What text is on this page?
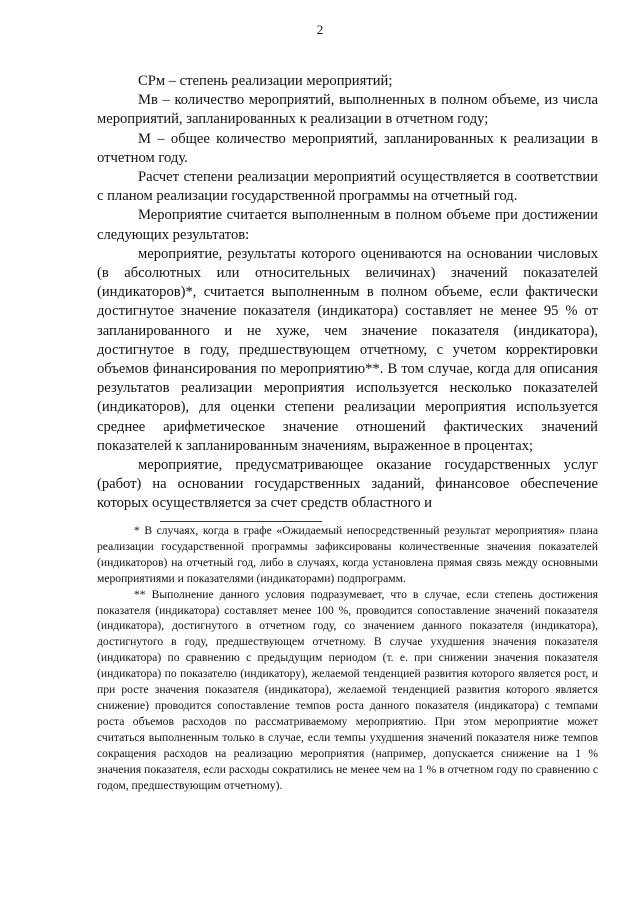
2

СРм – степень реализации мероприятий;

Мв – количество мероприятий, выполненных в полном объеме, из числа мероприятий, запланированных к реализации в отчетном году;

М – общее количество мероприятий, запланированных к реализации в отчетном году.

Расчет степени реализации мероприятий осуществляется в соответствии с планом реализации государственной программы на отчетный год.

Мероприятие считается выполненным в полном объеме при достижении следующих результатов:

мероприятие, результаты которого оцениваются на основании числовых (в абсолютных или относительных величинах) значений показателей (индикаторов)*, считается выполненным в полном объеме, если фактически достигнутое значение показателя (индикатора) составляет не менее 95 % от запланированного и не хуже, чем значение показателя (индикатора), достигнутое в году, предшествующем отчетному, с учетом корректировки объемов финансирования по мероприятию**. В том случае, когда для описания результатов реализации мероприятия используется несколько показателей (индикаторов), для оценки степени реализации мероприятия используется среднее арифметическое значение отношений фактических значений показателей к запланированным значениям, выраженное в процентах;

мероприятие, предусматривающее оказание государственных услуг (работ) на основании государственных заданий, финансовое обеспечение которых осуществляется за счет средств областного и

* В случаях, когда в графе «Ожидаемый непосредственный результат мероприятия» плана реализации государственной программы зафиксированы количественные значения показателей (индикаторов) на отчетный год, либо в случаях, когда установлена прямая связь между основными мероприятиями и показателями (индикаторами) подпрограмм.

** Выполнение данного условия подразумевает, что в случае, если степень достижения показателя (индикатора) составляет менее 100 %, проводится сопоставление значений показателя (индикатора), достигнутого в отчетном году, со значением данного показателя (индикатора), достигнутого в году, предшествующем отчетному. В случае ухудшения значения показателя (индикатора) по сравнению с предыдущим периодом (т. е. при снижении значения показателя (индикатора) по показателю (индикатору), желаемой тенденцией развития которого является рост, и при росте значения показателя (индикатора), желаемой тенденцией развития которого является снижение) проводится сопоставление темпов роста данного показателя (индикатора) с темпами роста объемов расходов по рассматриваемому мероприятию. При этом мероприятие может считаться выполненным только в случае, если темпы ухудшения значений показателя ниже темпов сокращения расходов на реализацию мероприятия (например, допускается снижение на 1 % значения показателя, если расходы сократились не менее чем на 1 % в отчетном году по сравнению с годом, предшествующим отчетному).
